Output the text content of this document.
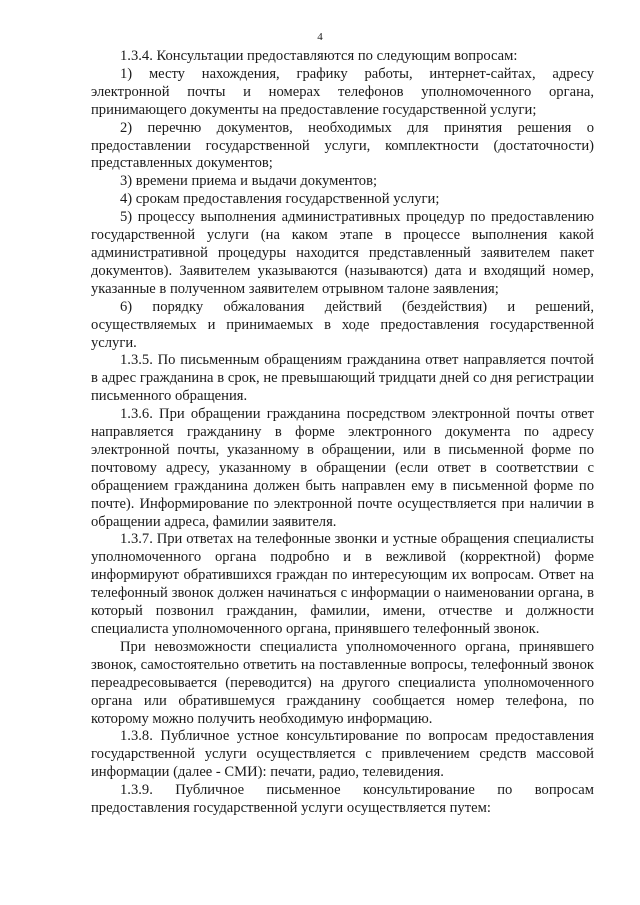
4

1.3.4. Консультации предоставляются по следующим вопросам:

1) месту нахождения, графику работы, интернет-сайтах, адресу электронной почты и номерах телефонов уполномоченного органа, принимающего документы на предоставление государственной услуги;

2) перечню документов, необходимых для принятия решения о предоставлении государственной услуги, комплектности (достаточности) представленных документов;

3) времени приема и выдачи документов;

4) срокам предоставления государственной услуги;

5) процессу выполнения административных процедур по предоставлению государственной услуги (на каком этапе в процессе выполнения какой административной процедуры находится представленный заявителем пакет документов). Заявителем указываются (называются) дата и входящий номер, указанные в полученном заявителем отрывном талоне заявления;

6) порядку обжалования действий (бездействия) и решений, осуществляемых и принимаемых в ходе предоставления государственной услуги.

1.3.5. По письменным обращениям гражданина ответ направляется почтой в адрес гражданина в срок, не превышающий тридцати дней со дня регистрации письменного обращения.

1.3.6. При обращении гражданина посредством электронной почты ответ направляется гражданину в форме электронного документа по адресу электронной почты, указанному в обращении, или в письменной форме по почтовому адресу, указанному в обращении (если ответ в соответствии с обращением гражданина должен быть направлен ему в письменной форме по почте). Информирование по электронной почте осуществляется при наличии в обращении адреса, фамилии заявителя.

1.3.7. При ответах на телефонные звонки и устные обращения специалисты уполномоченного органа подробно и в вежливой (корректной) форме информируют обратившихся граждан по интересующим их вопросам. Ответ на телефонный звонок должен начинаться с информации о наименовании органа, в который позвонил гражданин, фамилии, имени, отчестве и должности специалиста уполномоченного органа, принявшего телефонный звонок.

При невозможности специалиста уполномоченного органа, принявшего звонок, самостоятельно ответить на поставленные вопросы, телефонный звонок переадресовывается (переводится) на другого специалиста уполномоченного органа или обратившемуся гражданину сообщается номер телефона, по которому можно получить необходимую информацию.

1.3.8. Публичное устное консультирование по вопросам предоставления государственной услуги осуществляется с привлечением средств массовой информации (далее - СМИ): печати, радио, телевидения.

1.3.9. Публичное письменное консультирование по вопросам предоставления государственной услуги осуществляется путем:
